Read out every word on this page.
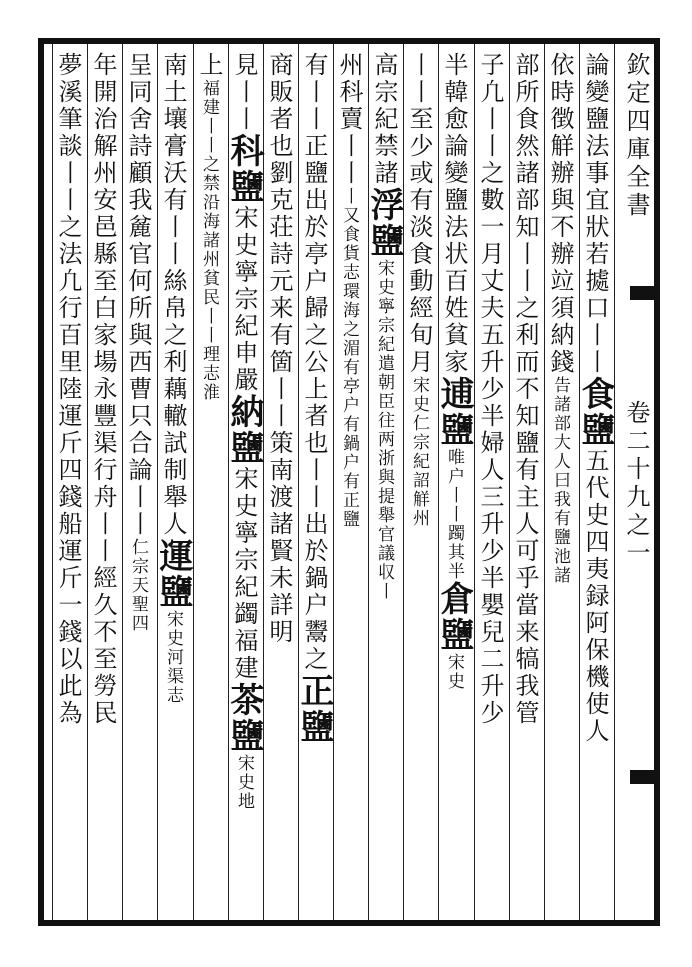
欽定四庫全書卷二十九之一
論變鹽法事宜狀若㨿口丨丨食鹽五代史四夷録阿保機使人
依時徴觧辦與不辦竝須納錢告諸部大人曰我有鹽池諸
部所食然諸部知丨丨之利而不知鹽有主人可乎當来犒我管
子凢丨丨之數一月丈夫五升少半婦人三升少半嬰兒二升少
半韓愈論變鹽法状百姓貧家逋鹽唯户丨丨躅其半倉鹽宋史
丨丨至少或有淡食動經旬月宋史仁宗紀詔觧州
高宗紀禁諸浮鹽宋史寧宗紀遣朝臣往两浙與提舉官議収丨
州科賣丨丨丨又食貨志環海之湄有亭户有鍋户有正鹽
有丨丨正鹽出於亭户歸之公上者也丨丨出於鍋户鬻之正鹽
商販者也劉克荘詩元来有箇丨丨策南渡諸賢未詳明
見丨丨科鹽宋史寧宗紀申嚴納鹽宋史寧宗紀蠲福建茶鹽宋史地
上福建丨丨之禁沿海諸州貧民丨丨理志淮
南土壤膏沃有丨丨絲帛之利藕轍試制舉人運鹽宋史河渠志
呈同舍詩顧我麄官何所與西曹只合論丨丨仁宗天聖四
年開治解州安邑縣至白家場永豐渠行舟丨丨經久不至勞民
夢溪筆談丨丨之法凢行百里陸運斤四錢船運斤一錢以此為
